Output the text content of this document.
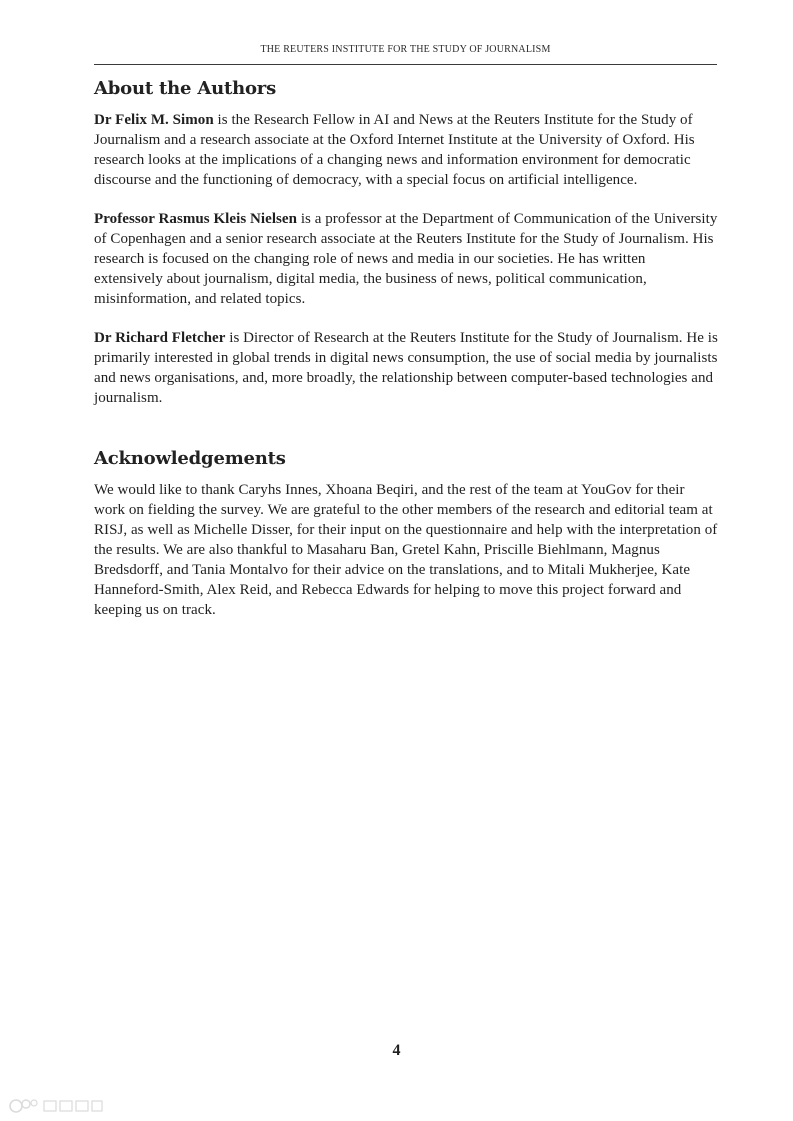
THE REUTERS INSTITUTE FOR THE STUDY OF JOURNALISM
About the Authors

Dr Felix M. Simon is the Research Fellow in AI and News at the Reuters Institute for the Study of Journalism and a research associate at the Oxford Internet Institute at the University of Oxford. His research looks at the implications of a changing news and information environment for democratic discourse and the functioning of democracy, with a special focus on artificial intelligence.

Professor Rasmus Kleis Nielsen is a professor at the Department of Communication of the University of Copenhagen and a senior research associate at the Reuters Institute for the Study of Journalism. His research is focused on the changing role of news and media in our societies. He has written extensively about journalism, digital media, the business of news, political communication, misinformation, and related topics.

Dr Richard Fletcher is Director of Research at the Reuters Institute for the Study of Journalism. He is primarily interested in global trends in digital news consumption, the use of social media by journalists and news organisations, and, more broadly, the relationship between computer-based technologies and journalism.

Acknowledgements

We would like to thank Caryhs Innes, Xhoana Beqiri, and the rest of the team at YouGov for their work on fielding the survey. We are grateful to the other members of the research and editorial team at RISJ, as well as Michelle Disser, for their input on the questionnaire and help with the interpretation of the results. We are also thankful to Masaharu Ban, Gretel Kahn, Priscille Biehlmann, Magnus Bredsdorff, and Tania Montalvo for their advice on the translations, and to Mitali Mukherjee, Kate Hanneford-Smith, Alex Reid, and Rebecca Edwards for helping to move this project forward and keeping us on track.

4
